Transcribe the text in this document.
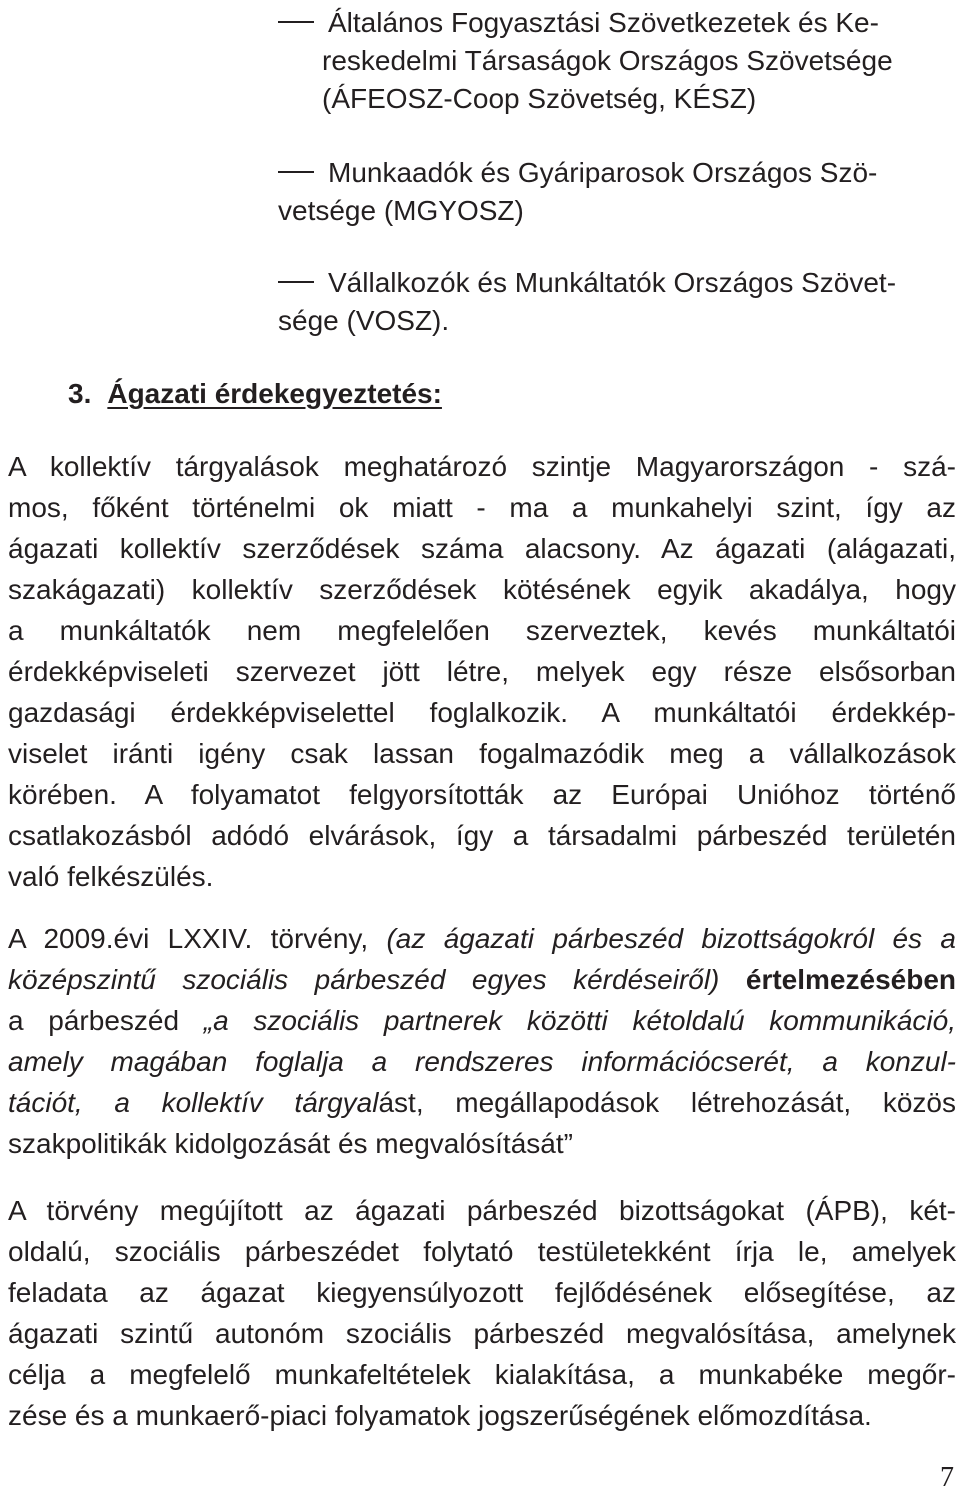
Általános Fogyasztási Szövetkezetek és Ke-
reskedelmi Társaságok Országos Szövetsége
(ÁFEOSZ-Coop Szövetség, KÉSZ)
Munkaadók és Gyáriparosok Országos Szö-
vetsége (MGYOSZ)
Vállalkozók és Munkáltatók Országos Szövet-
sége (VOSZ).
3. Ágazati érdekegyeztetés:
A kollektív tárgyalások meghatározó szintje Magyarországon - szá-
mos, főként történelmi ok miatt - ma a munkahelyi szint, így az
ágazati kollektív szerződések száma alacsony. Az ágazati (alágazati,
szakágazati) kollektív szerződések kötésének egyik akadálya, hogy
a munkáltatók nem megfelelően szerveztek, kevés munkáltatói
érdekképviseleti szervezet jött létre, melyek egy része elsősorban
gazdasági érdekképviselettel foglalkozik. A munkáltatói érdekkép-
viselet iránti igény csak lassan fogalmazódik meg a vállalkozások
körében. A folyamatot felgyorsították az Európai Unióhoz történő
csatlakozásból adódó elvárások, így a társadalmi párbeszéd területén
való felkészülés.
A 2009.évi LXXIV. törvény, (az ágazati párbeszéd bizottságokról és a
középszintű szociális párbeszéd egyes kérdéseiről) értelmezésében
a párbeszéd „a szociális partnerek közötti kétoldalú kommunikáció,
amely magában foglalja a rendszeres információcserét, a konzul-
tációt, a kollektív tárgyalást, megállapodások létrehozását, közös
szakpolitikák kidolgozását és megvalósítását”
A törvény megújított az ágazati párbeszéd bizottságokat (ÁPB), két-
oldalú, szociális párbeszédet folytató testületekként írja le, amelyek
feladata az ágazat kiegyensúlyozott fejlődésének elősegítése, az
ágazati szintű autonóm szociális párbeszéd megvalósítása, amelynek
célja a megfelelő munkafeltételek kialakítása, a munkabéke megőr-
zése és a munkaerő-piaci folyamatok jogszerűségének előmozdítása.
7
